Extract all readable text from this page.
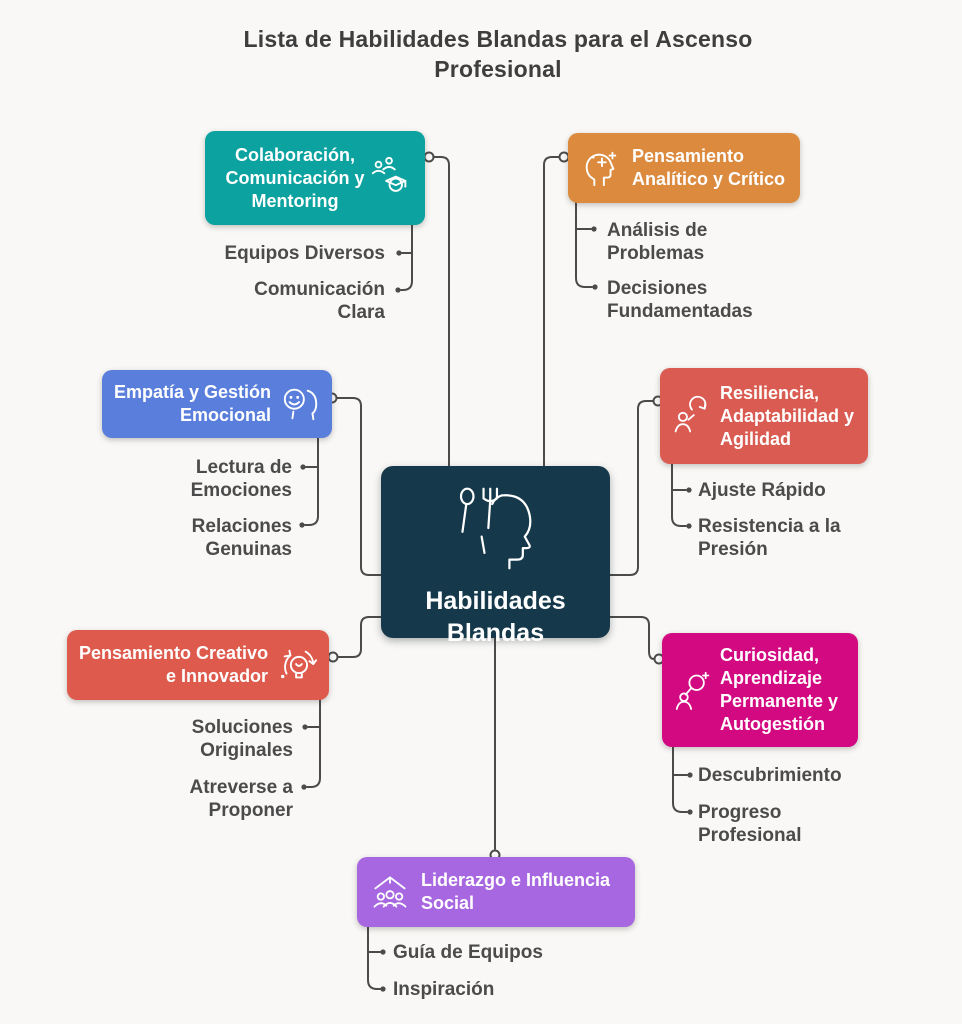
Lista de Habilidades Blandas para el Ascenso
Profesional
Habilidades
Blandas
Colaboración,
Comunicación y
Mentoring
Equipos Diversos
Comunicación Clara
Pensamiento
Analítico y Crítico
Análisis de Problemas
Decisiones Fundamentadas
Empatía y Gestión
Emocional
Lectura de Emociones
Relaciones Genuinas
Resiliencia,
Adaptabilidad y
Agilidad
Ajuste Rápido
Resistencia a la Presión
Pensamiento Creativo
e Innovador
Soluciones Originales
Atreverse a Proponer
Curiosidad,
Aprendizaje
Permanente y
Autogestión
Descubrimiento
Progreso Profesional
Liderazgo e Influencia
Social
Guía de Equipos
Inspiración
